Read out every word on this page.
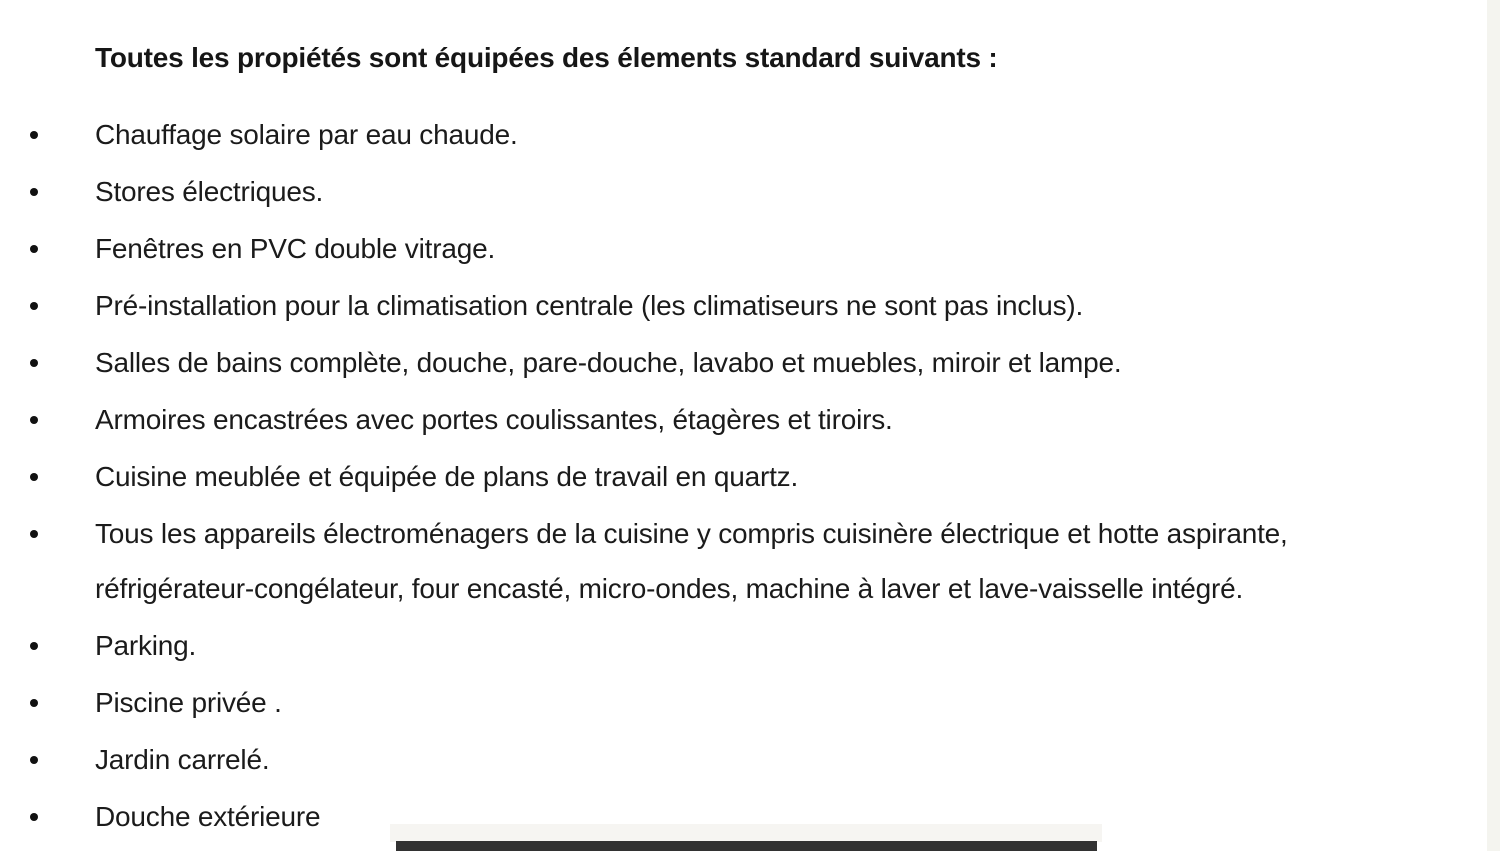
Toutes les propiétés sont équipées des élements standard suivants :
Chauffage solaire par eau chaude.
Stores électriques.
Fenêtres en PVC double vitrage.
Pré-installation pour la climatisation centrale (les climatiseurs ne sont pas inclus).
Salles de bains complète, douche, pare-douche, lavabo et muebles, miroir et lampe.
Armoires encastrées avec portes coulissantes, étagères et tiroirs.
Cuisine meublée et équipée de plans de travail en quartz.
Tous les appareils électroménagers de la cuisine y compris cuisinère électrique et hotte aspirante, réfrigérateur-congélateur, four encasté, micro-ondes, machine à laver et lave-vaisselle intégré.
Parking.
Piscine privée .
Jardin carrelé.
Douche extérieure
